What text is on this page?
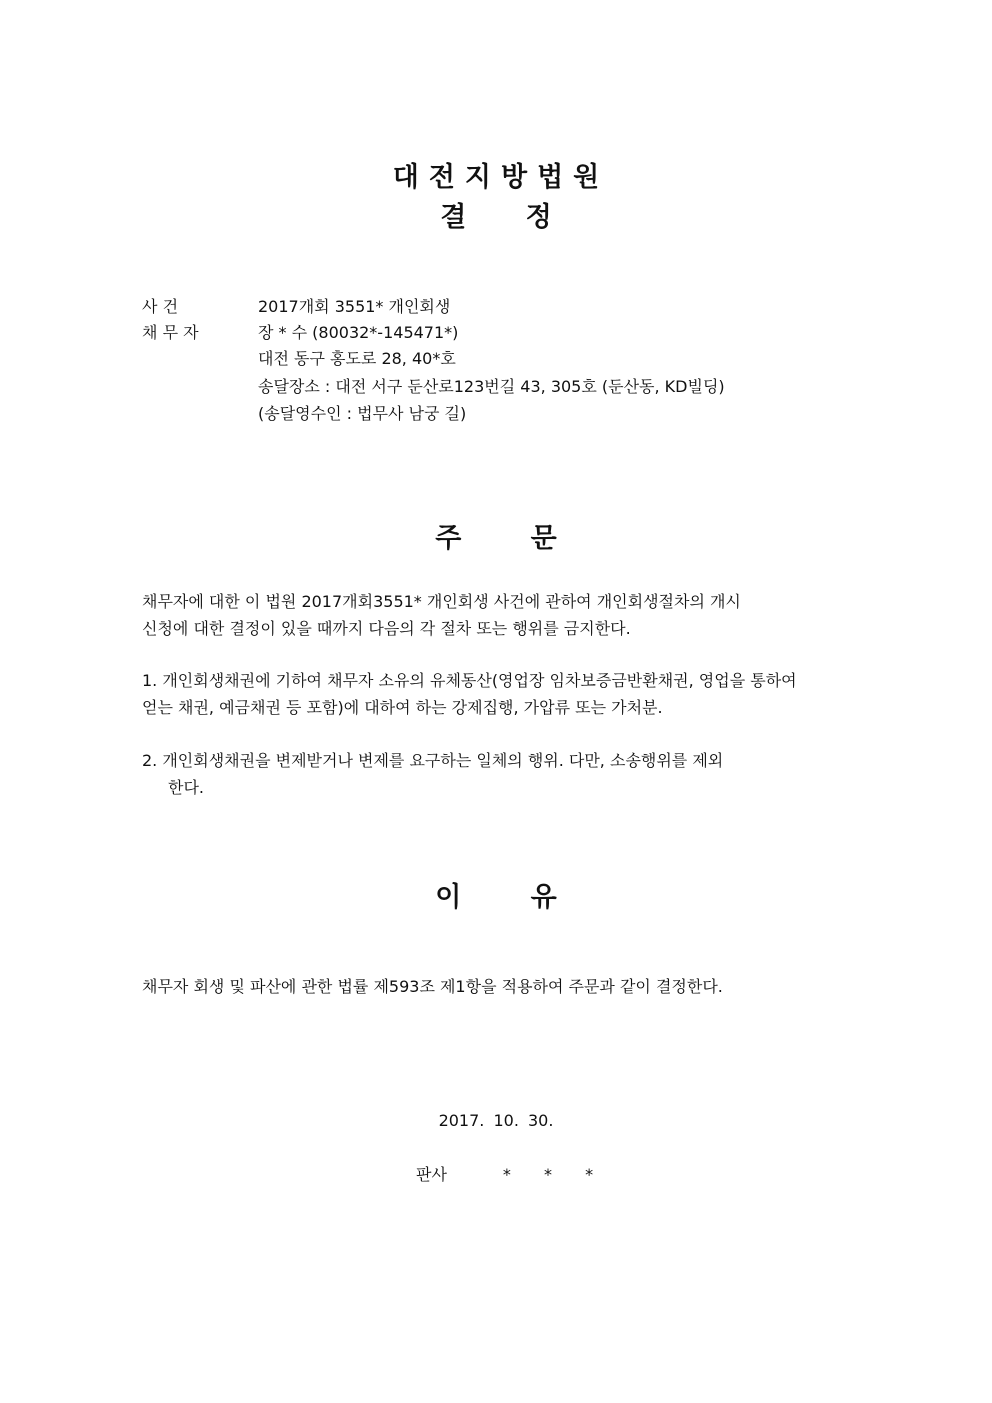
대전지방법원
결 정
사 건	2017개회 3551* 개인회생
채 무 자	장 * 수 (80032*-145471*)
대전 동구 홍도로 28, 40*호
송달장소 : 대전 서구 둔산로123번길 43, 305호 (둔산동, KD빌딩)
(송달영수인 : 법무사 남궁 길)
주 문
채무자에 대한 이 법원 2017개회3551* 개인회생 사건에 관하여 개인회생절차의 개시
신청에 대한 결정이 있을 때까지 다음의 각 절차 또는 행위를 금지한다.
1. 개인회생채권에 기하여 채무자 소유의 유체동산(영업장 임차보증금반환채권, 영업을 통하여
얻는 채권, 예금채권 등 포함)에 대하여 하는 강제집행, 가압류 또는 가처분.
2. 개인회생채권을 변제받거나 변제를 요구하는 일체의 행위. 다만, 소송행위를 제외
한다.
이 유
채무자 회생 및 파산에 관한 법률 제593조 제1항을 적용하여 주문과 같이 결정한다.
2017. 10. 30.
판사	* * *
